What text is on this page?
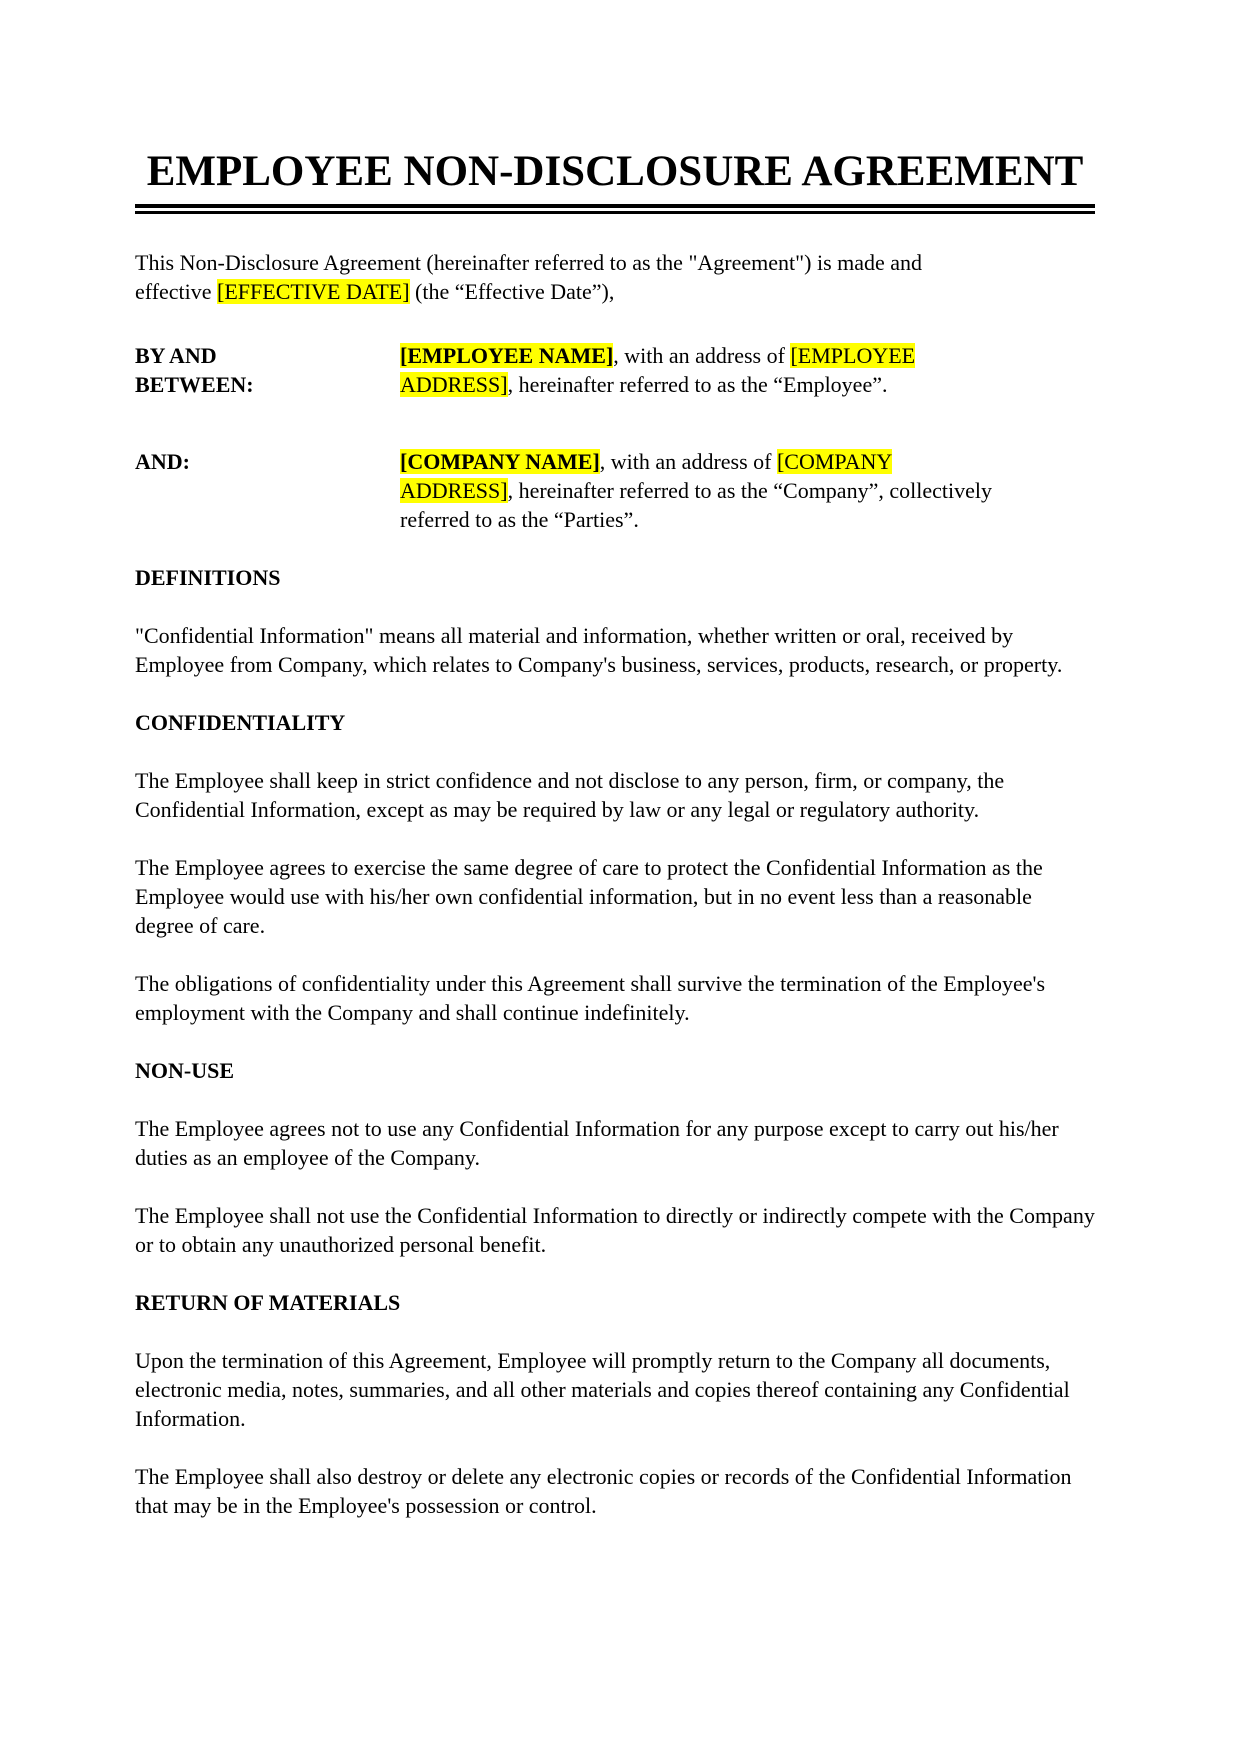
EMPLOYEE NON-DISCLOSURE AGREEMENT

This Non-Disclosure Agreement (hereinafter referred to as the "Agreement") is made and
effective [EFFECTIVE DATE] (the “Effective Date”),

BY AND
BETWEEN:

[EMPLOYEE NAME], with an address of [EMPLOYEE
ADDRESS], hereinafter referred to as the “Employee”.

AND:	[COMPANY NAME], with an address of [COMPANY
ADDRESS], hereinafter referred to as the “Company”, collectively
referred to as the “Parties”.

DEFINITIONS

"Confidential Information" means all material and information, whether written or oral, received by Employee from Company, which relates to Company's business, services, products, research, or property.

CONFIDENTIALITY

The Employee shall keep in strict confidence and not disclose to any person, firm, or company, the Confidential Information, except as may be required by law or any legal or regulatory authority.

The Employee agrees to exercise the same degree of care to protect the Confidential Information as the Employee would use with his/her own confidential information, but in no event less than a reasonable degree of care.

The obligations of confidentiality under this Agreement shall survive the termination of the Employee's employment with the Company and shall continue indefinitely.

NON-USE

The Employee agrees not to use any Confidential Information for any purpose except to carry out his/her duties as an employee of the Company.

The Employee shall not use the Confidential Information to directly or indirectly compete with the Company or to obtain any unauthorized personal benefit.

RETURN OF MATERIALS

Upon the termination of this Agreement, Employee will promptly return to the Company all documents, electronic media, notes, summaries, and all other materials and copies thereof containing any Confidential Information.

The Employee shall also destroy or delete any electronic copies or records of the Confidential Information that may be in the Employee's possession or control.
